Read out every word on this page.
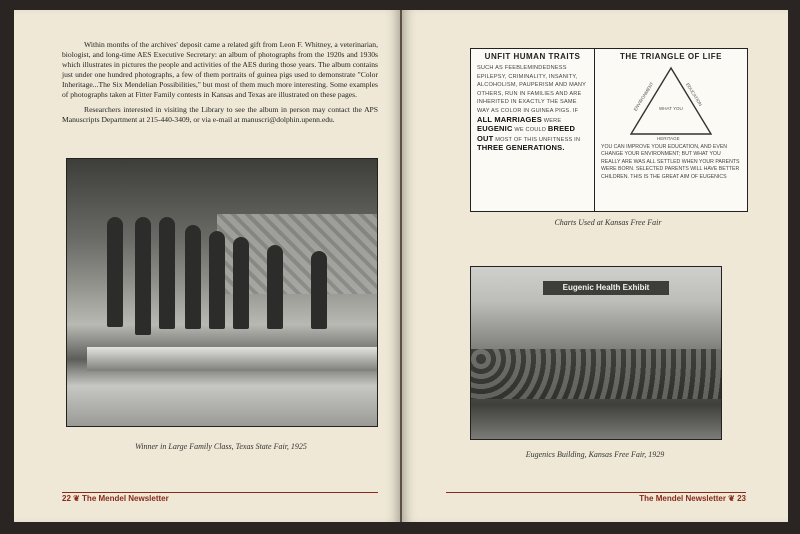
Within months of the archives' deposit came a related gift from Leon F. Whitney, a veterinarian, biologist, and long-time AES Executive Secretary: an album of photographs from the 1920s and 1930s which illustrates in pictures the people and activities of the AES during those years. The album contains just under one hundred photographs, a few of them portraits of guinea pigs used to demonstrate "Color Inheritage...The Six Mendelian Possibilities," but most of them much more interesting. Some examples of photographs taken at Fitter Family contests in Kansas and Texas are illustrated on these pages.

Researchers interested in visiting the Library to see the album in person may contact the APS Manuscripts Department at 215-440-3409, or via e-mail at manuscri@dolphin.upenn.edu.

Winner in Large Family Class, Texas State Fair, 1925
22 ❦ The Mendel Newsletter
UNFIT HUMAN TRAITS
SUCH AS FEEBLEMINDEDNESS EPILEPSY, CRIMINALITY, INSANITY, ALCOHOLISM, PAUPERISM AND MANY OTHERS, RUN IN FAMILIES AND ARE INHERITED IN EXACTLY THE SAME WAY AS COLOR IN GUINEA PIGS. IF ALL MARRIAGES WERE EUGENIC WE COULD BREED OUT MOST OF THIS UNFITNESS IN THREE GENERATIONS.
THE TRIANGLE OF LIFE
ENVIRONMENT	EDUCATION
WHAT YOU
HERITAGE
YOU CAN IMPROVE YOUR EDUCATION, AND EVEN CHANGE YOUR ENVIRONMENT; BUT WHAT YOU REALLY ARE WAS ALL SETTLED WHEN YOUR PARENTS WERE BORN. SELECTED PARENTS WILL HAVE BETTER CHILDREN. THIS IS THE GREAT AIM OF EUGENICS
Charts Used at Kansas Free Fair
Eugenic Health Exhibit
Eugenics Building, Kansas Free Fair, 1929
The Mendel Newsletter ❦ 23
